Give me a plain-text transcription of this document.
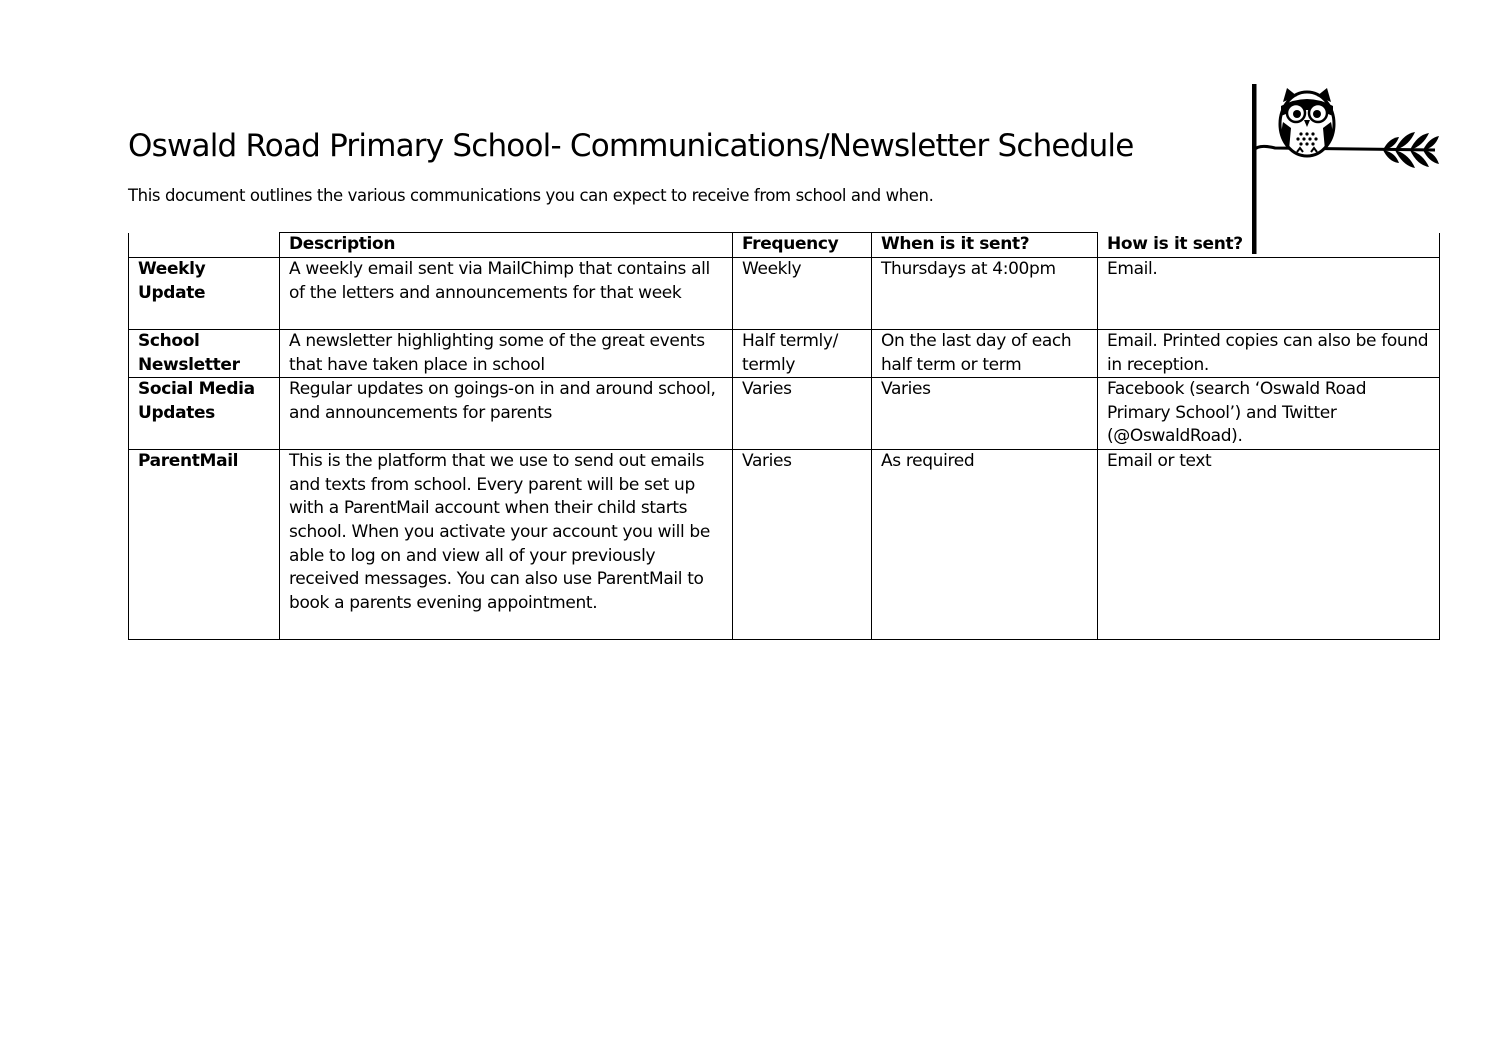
Oswald Road Primary School- Communications/Newsletter Schedule

This document outlines the various communications you can expect to receive from school and when.

	Description	Frequency	When is it sent?	How is it sent?
Weekly Update	A weekly email sent via MailChimp that contains all of the letters and announcements for that week	Weekly	Thursdays at 4:00pm	Email.
School Newsletter	A newsletter highlighting some of the great events that have taken place in school	Half termly/ termly	On the last day of each half term or term	Email. Printed copies can also be found in reception.
Social Media Updates	Regular updates on goings-on in and around school, and announcements for parents	Varies	Varies	Facebook (search ‘Oswald Road Primary School’) and Twitter (@OswaldRoad).
ParentMail	This is the platform that we use to send out emails and texts from school. Every parent will be set up with a ParentMail account when their child starts school. When you activate your account you will be able to log on and view all of your previously received messages. You can also use ParentMail to book a parents evening appointment.	Varies	As required	Email or text
